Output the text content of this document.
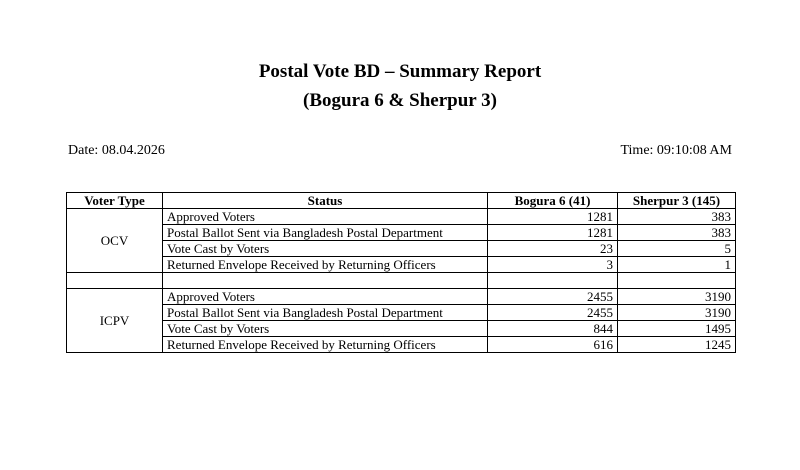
Postal Vote BD – Summary Report
(Bogura 6 & Sherpur 3)
Date: 08.04.2026	Time: 09:10:08 AM
Voter Type	Status	Bogura 6 (41)	Sherpur 3 (145)
OCV	Approved Voters	1281	383
	Postal Ballot Sent via Bangladesh Postal Department	1281	383
	Vote Cast by Voters	23	5
	Returned Envelope Received by Returning Officers	3	1

ICPV	Approved Voters	2455	3190
	Postal Ballot Sent via Bangladesh Postal Department	2455	3190
	Vote Cast by Voters	844	1495
	Returned Envelope Received by Returning Officers	616	1245
